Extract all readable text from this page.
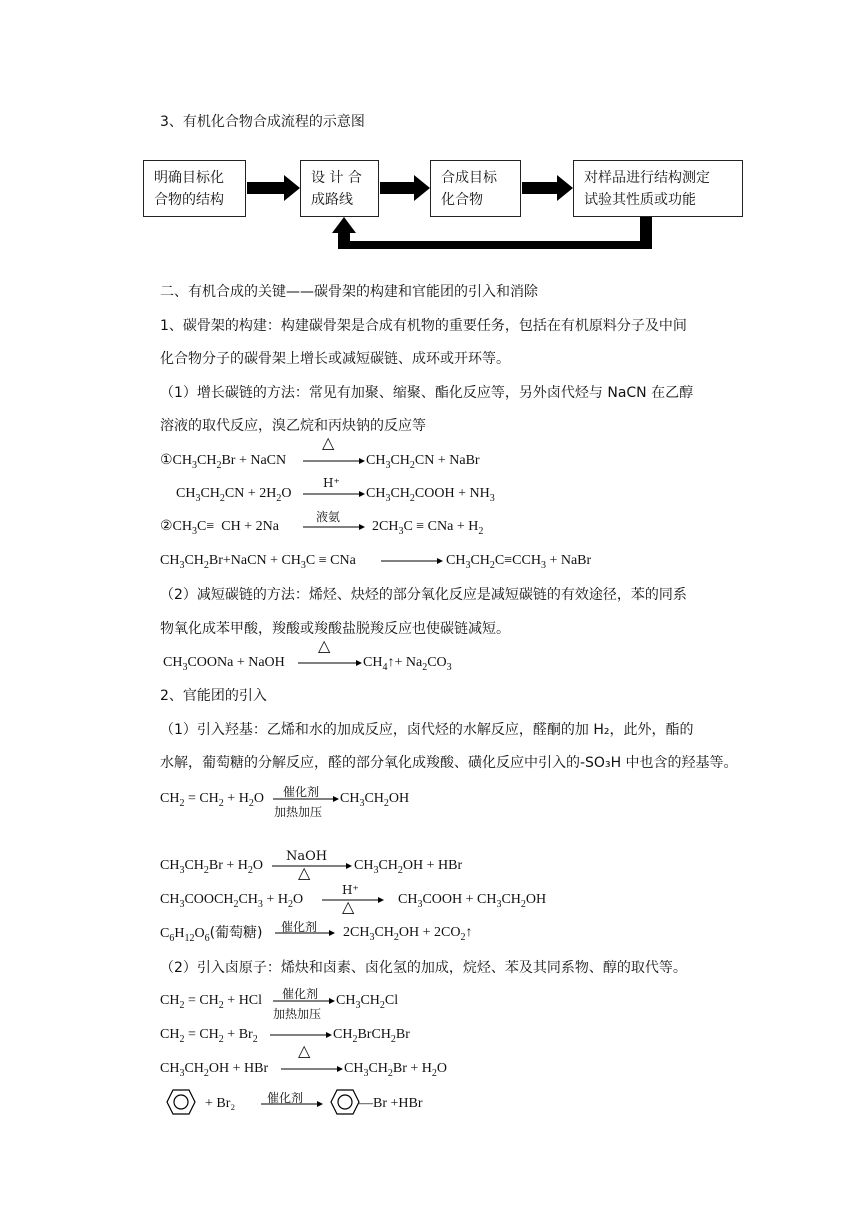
3、有机化合物合成流程的示意图
明确目标化
合物的结构
设 计 合
成路线
合成目标
化合物
对样品进行结构测定
试验其性质或功能
二、有机合成的关键——碳骨架的构建和官能团的引入和消除
1、碳骨架的构建：构建碳骨架是合成有机物的重要任务，包括在有机原料分子及中间
化合物分子的碳骨架上增长或减短碳链、成环或开环等。
（1）增长碳链的方法：常见有加聚、缩聚、酯化反应等，另外卤代烃与 NaCN 在乙醇
溶液的取代反应，溴乙烷和丙炔钠的反应等
$①CH_3CH_2Br$ + NaCN →
△
$CH_3CH_2CN$ + NaBr
$CH_3CH_2CN + 2H_2O$ →
H⁺
$CH_3CH_2COOH + NH_3$
$②CH_3C\equiv$  CH + 2Na
液氨
$2CH_3C$ ≡ CNa + $H_2$
$CH_3CH_2Br+NaCN + CH_3C$ ≡ CNa → $CH_3CH_2C\equiv CCH_3$ + NaBr
（2）减短碳链的方法：烯烃、炔烃的部分氧化反应是减短碳链的有效途径，苯的同系
物氧化成苯甲酸，羧酸或羧酸盐脱羧反应也使碳链减短。
$CH_3COONa$ + NaOH →
△
$CH_4↑+ Na_2CO_3$
2、官能团的引入
（1）引入羟基：乙烯和水的加成反应，卤代烃的水解反应，醛酮的加 H₂，此外，酯的
水解，葡萄糖的分解反应，醛的部分氧化成羧酸、磺化反应中引入的-SO₃H 中也含的羟基等。
$CH_2 = CH_2 + H_2O$ 催化剂
加热加压
$CH_3CH_2OH$
$CH_3CH_2Br + H_2O$
NaOH
△	$CH_3CH_2OH$ + HBr
$CH_3COOCH_2CH_3 + H_2O$ →
H⁺
△	$CH_3COOH + CH_3CH_2OH$
$C_6H_{12}O_6$(葡萄糖) →
催化剂 $2CH_3CH_2OH$ + $2CO_2↑$
（2）引入卤原子：烯炔和卤素、卤化氢的加成，烷烃、苯及其同系物、醇的取代等。
$CH_2 = CH_2$ + HCl →
催化剂
加热加压
$CH_3CH_2Cl$
$CH_2 = CH_2 + Br_2$ → $CH_2BrCH_2Br$
$CH_3CH_2OH$ + HBr →
△
$CH_3CH_2Br + H_2O$
+ Br₂	催化剂	—Br +HBr
